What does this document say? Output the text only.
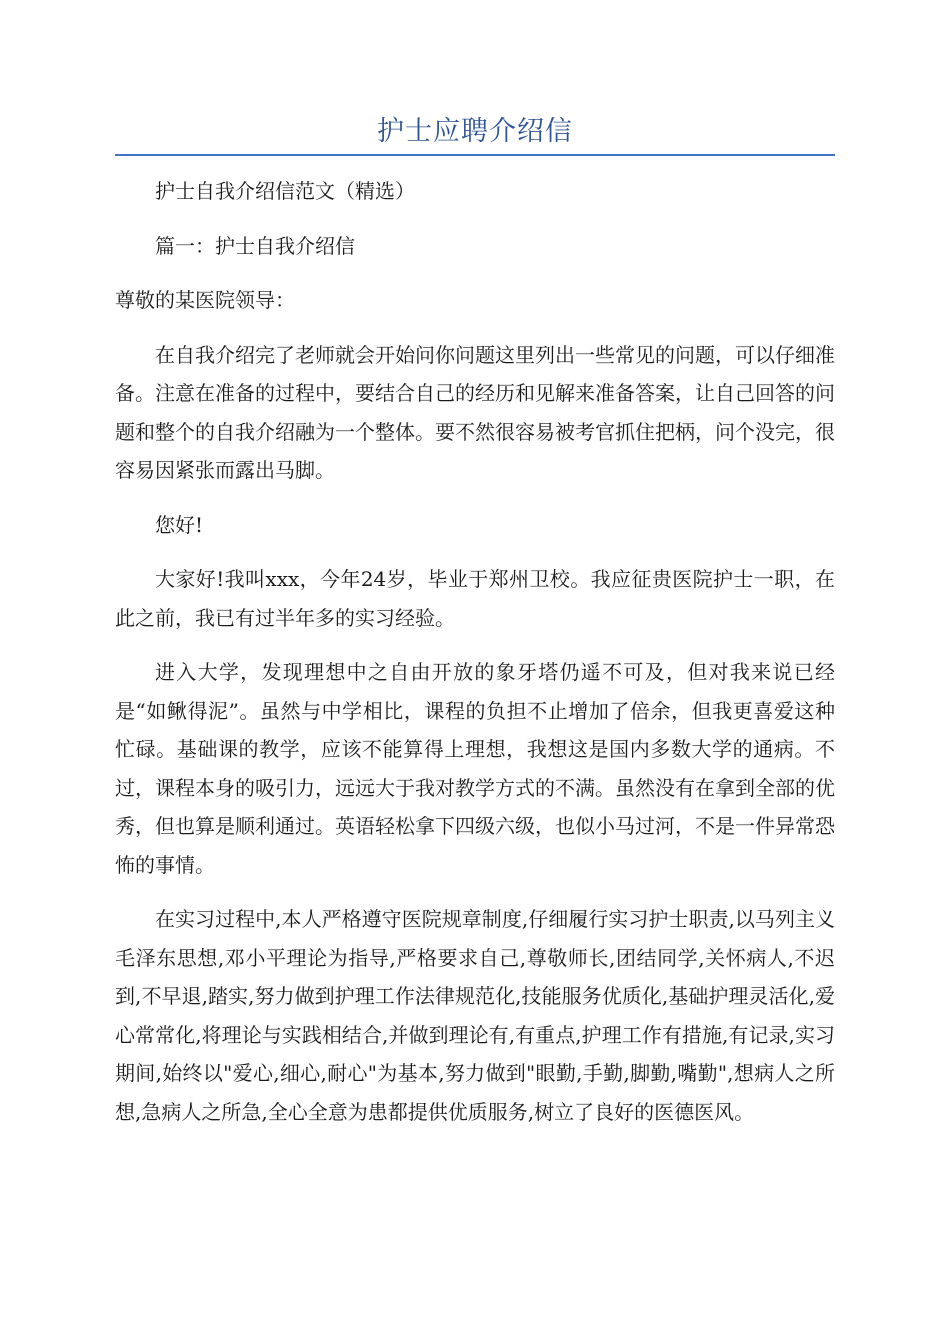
护士应聘介绍信

护士自我介绍信范文（精选）

篇一：护士自我介绍信

尊敬的某医院领导：

在自我介绍完了老师就会开始问你问题这里列出一些常见的问题，可以仔细准备。注意在准备的过程中，要结合自己的经历和见解来准备答案，让自己回答的问题和整个的自我介绍融为一个整体。要不然很容易被考官抓住把柄，问个没完，很容易因紧张而露出马脚。

您好!

大家好!我叫xxx，今年24岁，毕业于郑州卫校。我应征贵医院护士一职，在此之前，我已有过半年多的实习经验。

进入大学，发现理想中之自由开放的象牙塔仍遥不可及，但对我来说已经是“如鳅得泥”。虽然与中学相比，课程的负担不止增加了倍余，但我更喜爱这种忙碌。基础课的教学，应该不能算得上理想，我想这是国内多数大学的通病。不过，课程本身的吸引力，远远大于我对教学方式的不满。虽然没有在拿到全部的优秀，但也算是顺利通过。英语轻松拿下四级六级，也似小马过河，不是一件异常恐怖的事情。

在实习过程中,本人严格遵守医院规章制度,仔细履行实习护士职责,以马列主义毛泽东思想,邓小平理论为指导,严格要求自己,尊敬师长,团结同学,关怀病人,不迟到,不早退,踏实,努力做到护理工作法律规范化,技能服务优质化,基础护理灵活化,爱心常常化,将理论与实践相结合,并做到理论有,有重点,护理工作有措施,有记录,实习期间,始终以"爱心,细心,耐心"为基本,努力做到"眼勤,手勤,脚勤,嘴勤",想病人之所想,急病人之所急,全心全意为患都提供优质服务,树立了良好的医德医风。
